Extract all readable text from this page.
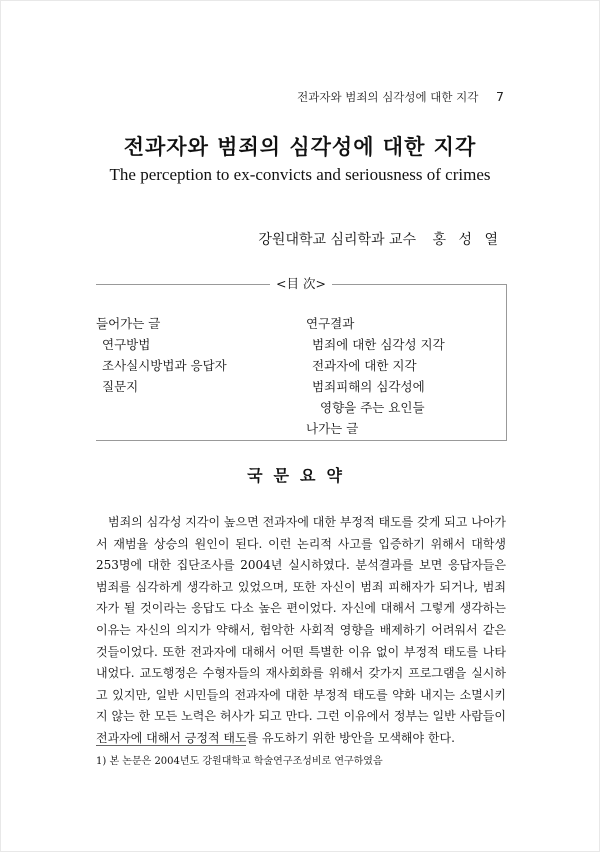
전과자와 범죄의 심각성에 대한 지각 7
전과자와 범죄의 심각성에 대한 지각

The perception to ex-convicts and seriousness of crimes

강원대학교 심리학과 교수 홍 성 열
<目 次>
들어가는 글
연구방법
조사실시방법과 응답자
질문지
연구결과
범죄에 대한 심각성 지각
전과자에 대한 지각
범죄피해의 심각성에
영향을 주는 요인들
나가는 글
국문요약

범죄의 심각성 지각이 높으면 전과자에 대한 부정적 태도를 갖게 되고 나아가서 재범율 상승의 원인이 된다. 이런 논리적 사고를 입증하기 위해서 대학생 253명에 대한 집단조사를 2004년 실시하였다. 분석결과를 보면 응답자들은 범죄를 심각하게 생각하고 있었으며, 또한 자신이 범죄 피해자가 되거나, 범죄자가 될 것이라는 응답도 다소 높은 편이었다. 자신에 대해서 그렇게 생각하는 이유는 자신의 의지가 약해서, 험악한 사회적 영향을 배제하기 어려워서 같은 것들이었다. 또한 전과자에 대해서 어떤 특별한 이유 없이 부정적 태도를 나타내었다. 교도행정은 수형자들의 재사회화를 위해서 갖가지 프로그램을 실시하고 있지만, 일반 시민들의 전과자에 대한 부정적 태도를 약화 내지는 소멸시키지 않는 한 모든 노력은 허사가 되고 만다. 그런 이유에서 정부는 일반 사람들이 전과자에 대해서 긍정적 태도를 유도하기 위한 방안을 모색해야 한다.

1) 본 논문은 2004년도 강원대학교 학술연구조성비로 연구하였음
